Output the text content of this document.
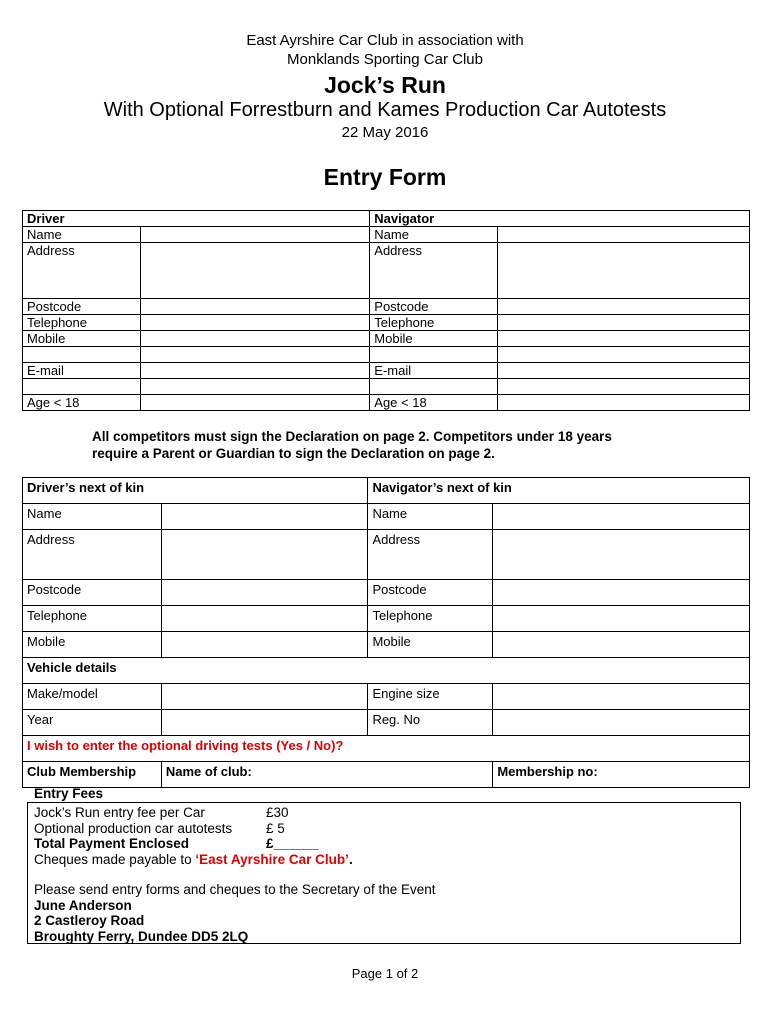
East Ayrshire Car Club in association with
Monklands Sporting Car Club
Jock’s Run
With Optional Forrestburn and Kames Production Car Autotests
22 May 2016
Entry Form
Driver		Navigator	
Name		Name	
Address		Address	
Postcode		Postcode	
Telephone		Telephone	
Mobile		Mobile	

E-mail		E-mail	

Age < 18		Age < 18	
All competitors must sign the Declaration on page 2. Competitors under 18 years
require a Parent or Guardian to sign the Declaration on page 2.
Driver’s next of kin		Navigator’s next of kin	
Name		Name	
Address		Address	
Postcode		Postcode	
Telephone		Telephone	
Mobile		Mobile	
Vehicle details			
Make/model		Engine size	
Year		Reg. No	
I wish to enter the optional driving tests (Yes / No)?			
Club Membership	Name of club:		Membership no:
Entry Fees
Jock’s Run entry fee per Car	£30
Optional production car autotests	£ 5
Total Payment Enclosed	£______
Cheques made payable to ‘East Ayrshire Car Club’.
Please send entry forms and cheques to the Secretary of the Event
June Anderson
2 Castleroy Road
Broughty Ferry, Dundee DD5 2LQ
Page 1 of 2
